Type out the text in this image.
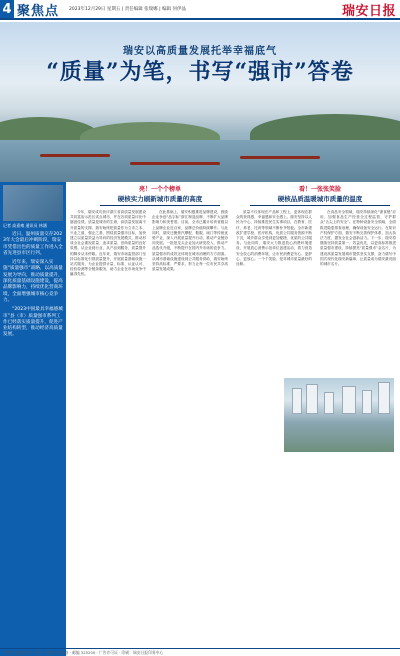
4 聚焦点 2023年12月29日 星期五 | 责任编辑 张瑞娜 | 编辑 何伊晶	瑞安日报
瑞安以高质量发展托举幸福底气
“质量”为笔，书写“强市”答卷
记者 高嘉雍 通讯员 林涵

近日，温州质量交存2023年大会最后冲刺阶段，瑞安市凭借出色的质量工作进入全省先进县市区行列。

近年来，瑞安深入实施“质量强市”战略，以高质量发展为导向，推动质量提升，深化质量基础设施建设，提高品牌影响力，持续优化营商环境，全面增强城市核心竞争力。

“2023中国最具幸福感城市”县（市）质量强市系列工作已经落实质量提升，促进产业结构转型，推动经济高质量发展。

亮！一个个榜单
硬核实力刷新城市质量的高度
看！一张张笑脸
硬核品质温暖城市质量的温度

今年，瑞安成功获评浙江省高质量发展建设共同富裕示范区试点城市，并在各项质量评比中屡创佳绩。质量是城市的生命，高质量发展离不开质量的支撑。瑞安始终把质量作为立市之本、兴业之道、强企之基，围绕质量强市目标，加快建立以质量效益为导向的经济发展模式，推动形成全社会重视质量、追求质量、崇尚质量的良好氛围。从企业到行业，从产品到服务，质量提升的脚步从未停歇。近年来，瑞安市场监管部门坚持以标准化引领质量提升，开展质量基础设施一站式服务，为企业提供计量、标准、认证认可、检验检测等全链条服务，助力企业在市场竞争中赢得先机。

在此基础上，瑞安积极推进品牌建设，鼓励企业争创“品字标”浙江制造品牌，不断扩大品牌影响力和美誉度。目前，全市已累计培育省级以上品牌企业近百家，品牌总价值持续攀升。与此同时，瑞安还聚焦汽摩配、鞋服、阀门等传统优势产业，深入开展质量提升行动，推动产业链协同发展。一批批龙头企业加大研发投入，推动产品迭代升级，不断提升在国内外市场的竞争力。质量强市的成效还体现在城市治理的方方面面。从城市基础设施建设到公共服务供给，瑞安始终坚持高标准、严要求，努力让每一位市民共享高质量发展成果。

质量不仅体现在产品和工程上，更体现在群众的获得感、幸福感和安全感上。瑞安坚持以人民为中心，持续推进民生实事项目，在教育、医疗、养老、托育等领域不断补齐短板。全市新建改扩建学校、医疗机构，优质公共服务资源不断下沉，城乡群众享受到更加便捷、优质的公共服务。与此同时，瑞安大力推进放心消费环境建设，开展放心消费示范单位创建活动，着力营造安全放心的消费环境，让市民消费更安心、更舒心、更放心。一个个笑脸，是对城市质量最好的诠释。

在食品安全领域，瑞安持续深化“浙食链”应用，加强食品生产经营全过程监管，守护群众“舌尖上的安全”。在特种设备安全领域，全面推进隐患排查治理，确保设备安全运行。在知识产权保护方面，瑞安不断完善保护体系，加大执法力度，激发全社会创新活力。下一步，瑞安将继续坚持质量第一、效益优先，以更高标准推进质量强市建设，持续擦亮“质量强市”金名片，为建设高质量发展城市提供坚实支撑，奋力谱写中国式现代化瑞安新篇章，让质量成为瑞安最亮丽的城市名片。

瑞安日报社出版 · 社址：瑞安市万松路 · 邮编 325200 · 广告许可证 · 印刷：瑞安日报印务中心
